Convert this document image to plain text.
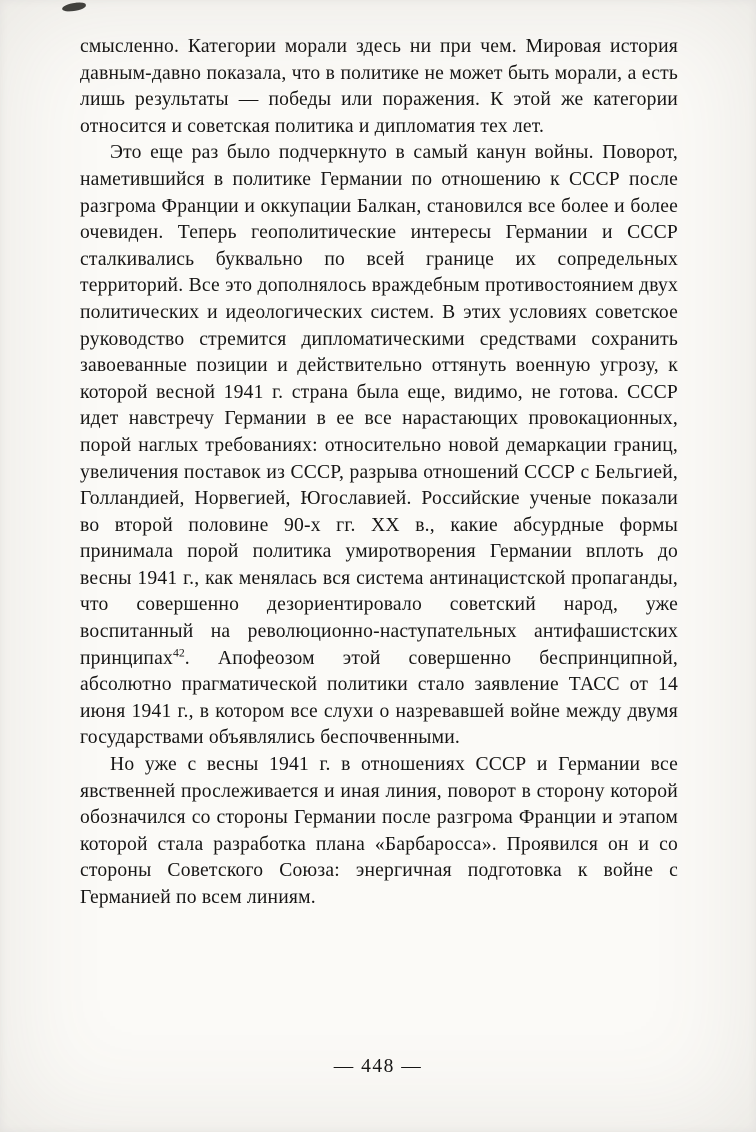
смысленно. Категории морали здесь ни при чем. Мировая история давным-давно показала, что в политике не может быть морали, а есть лишь результаты — победы или поражения. К этой же категории относится и советская политика и дипломатия тех лет.

Это еще раз было подчеркнуто в самый канун войны. Поворот, наметившийся в политике Германии по отношению к СССР после разгрома Франции и оккупации Балкан, становился все более и более очевиден. Теперь геополитические интересы Германии и СССР сталкивались буквально по всей границе их сопредельных территорий. Все это дополнялось враждебным противостоянием двух политических и идеологических систем. В этих условиях советское руководство стремится дипломатическими средствами сохранить завоеванные позиции и действительно оттянуть военную угрозу, к которой весной 1941 г. страна была еще, видимо, не готова. СССР идет навстречу Германии в ее все нарастающих провокационных, порой наглых требованиях: относительно новой демаркации границ, увеличения поставок из СССР, разрыва отношений СССР с Бельгией, Голландией, Норвегией, Югославией. Российские ученые показали во второй половине 90-х гг. XX в., какие абсурдные формы принимала порой политика умиротворения Германии вплоть до весны 1941 г., как менялась вся система антинацистской пропаганды, что совершенно дезориентировало советский народ, уже воспитанный на революционно-наступательных антифашистских принципах$^{42}$. Апофеозом этой совершенно беспринципной, абсолютно прагматической политики стало заявление ТАСС от 14 июня 1941 г., в котором все слухи о назревавшей войне между двумя государствами объявлялись беспочвенными.

Но уже с весны 1941 г. в отношениях СССР и Германии все явственней прослеживается и иная линия, поворот в сторону которой обозначился со стороны Германии после разгрома Франции и этапом которой стала разработка плана «Барбаросса». Проявился он и со стороны Советского Союза: энергичная подготовка к войне с Германией по всем линиям.

— 448 —
